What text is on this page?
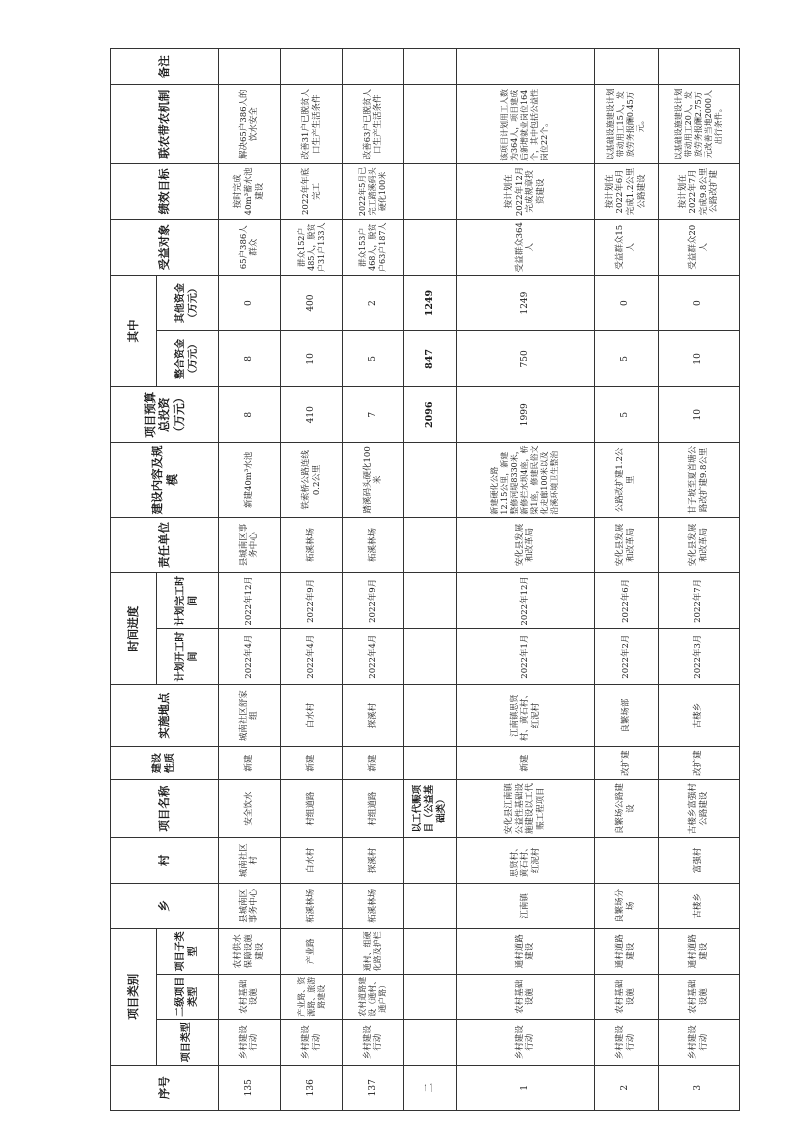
序号	项目类别			乡	村	项目名称	建设性质	实施地点	时间进度		责任单位	建设内容及规模	项目预算总投资（万元）	其中		受益对象	绩效目标	联农带农机制	备注
	项目类型	二级项目类型	项目子类型						计划开工时间	计划完工时间				整合资金（万元）	其他资金（万元）				
135	乡村建设行动	农村基础设施	农村供水保障设施建设	县城南区事务中心	城南社区村	安全饮水	新建	城南社区舒家组	2022年4月	2022年12月	县城南区事务中心	新建40m³水池	8	8	0	65户386人群众	按时完成40m³蓄水池建设	解决65户386人的饮水安全	
136	乡村建设行动	产业路、资源路、旅游路建设	产业路	柘溪林场	白水村	村组道路	新建	白水村	2022年4月	2022年9月	柘溪林场	铁索桥公路连线0.2公里	410	10	400	群众152户485人，脱贫户31户133人	2022年年底完工	改善31户已脱贫人口生产生活条件	
137	乡村建设行动	农村道路建设（通村、通户路）	通村、组硬化路及护栏	柘溪林场	探溪村	村组道路	新建	探溪村	2022年4月	2022年9月	柘溪林场	踏溪码头硬化100米	7	5	2	群众153户468人，脱贫户63户187人	2022年5月已完工踏溪码头硬化100米	改善63户已脱贫人口生产生活条件	
二						以工代赈项目（公益基础类）							2096	847	1249				
1	乡村建设行动	农村基础设施	通村道路建设	江南镇	思贤村、黄石村、红泥村	安化县江南镇公益性基础设施建设以工代赈工程项目	新建	江南镇思贤村、黄石村、红泥村	2022年1月	2022年12月	安化县发展和改革局	新建硬化公路12.15公里，新建整修河堤8330米，新修拦水坝4座，桥梁1座，修建民俗文化走廊100米以及沿溪环境卫生整治	1999	750	1249	受益群众364人	按计划在2022年12月完成规章投资建设	该项目计划用工人数为364人，项目建成后新增就业岗位164个，其中包括公益性岗位22个。	
2	乡村建设行动	农村基础设施	通村道路建设	良繁场分场		良繁场公路建设	改扩建	良繁场部	2022年2月	2022年6月	安化县发展和改革局	公路改扩建1.2公里	5	5	0	受益群众15人	按计划在2022年6月完成1.2公里公路建设	以基础设施建设计划带动用工15人，发放劳务报酬0.45万元。	
3	乡村建设行动	农村基础设施	通村道路建设	古楼乡	富强村	古楼乡富强村公路建设	改扩建	古楼乡	2022年3月	2022年7月	安化县发展和改革局	甘子坡至夏首塘公路改扩建9.8公里	10	10	0	受益群众20人	按计划在2022年7月完成9.8公里公路改扩建	以基础设施建设计划带动用工20人，发放劳务报酬2.75万元改善当地2000人出行条件。	
